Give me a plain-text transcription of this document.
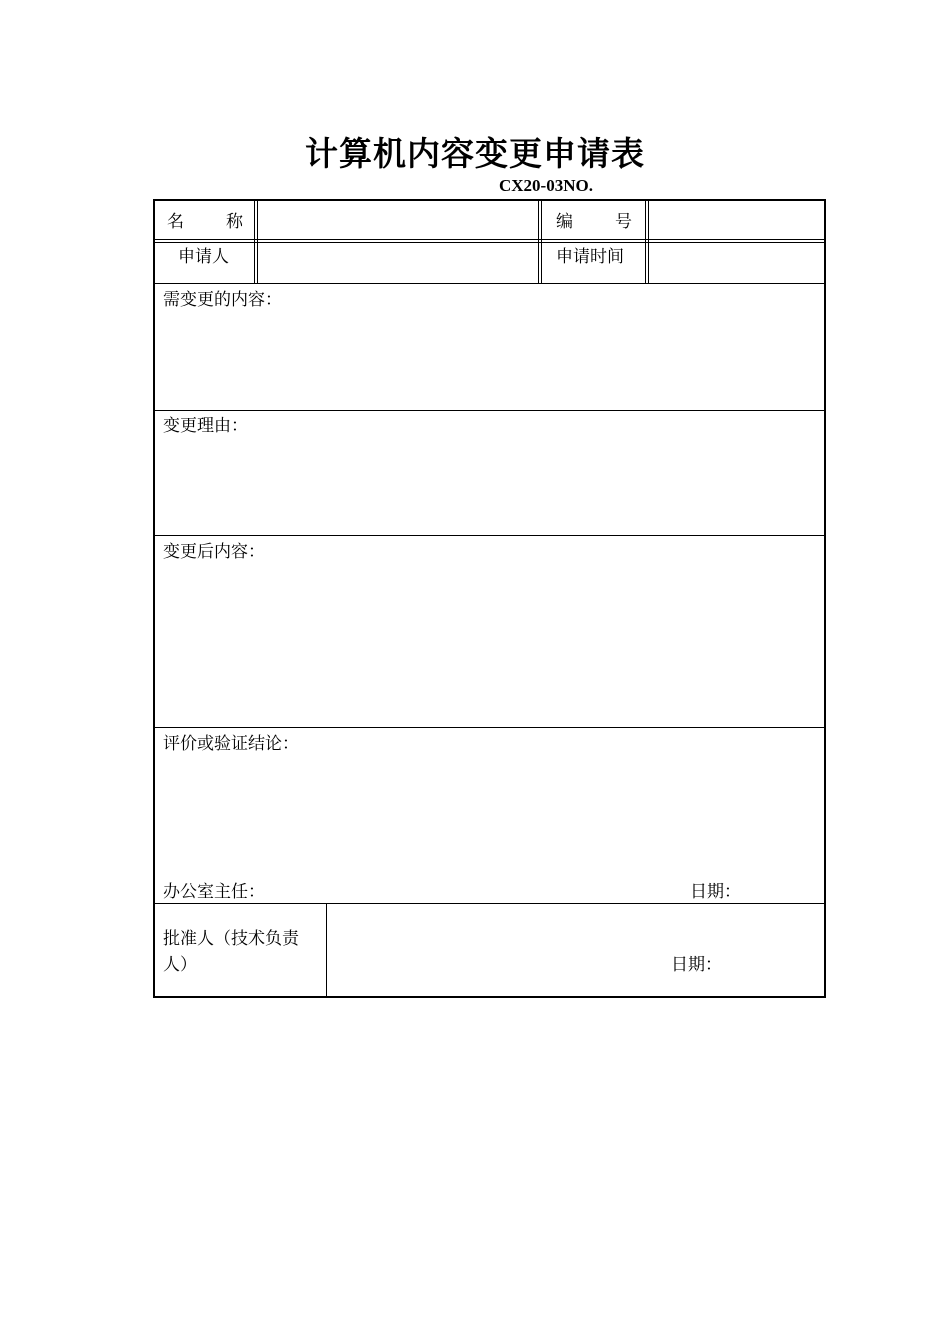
计算机内容变更申请表
CX20-03NO.
名 称	编 号
申请人	申请时间
需变更的内容：
变更理由：
变更后内容：
评价或验证结论：
办公室主任：	日期：
批准人（技术负责人）	日期：
